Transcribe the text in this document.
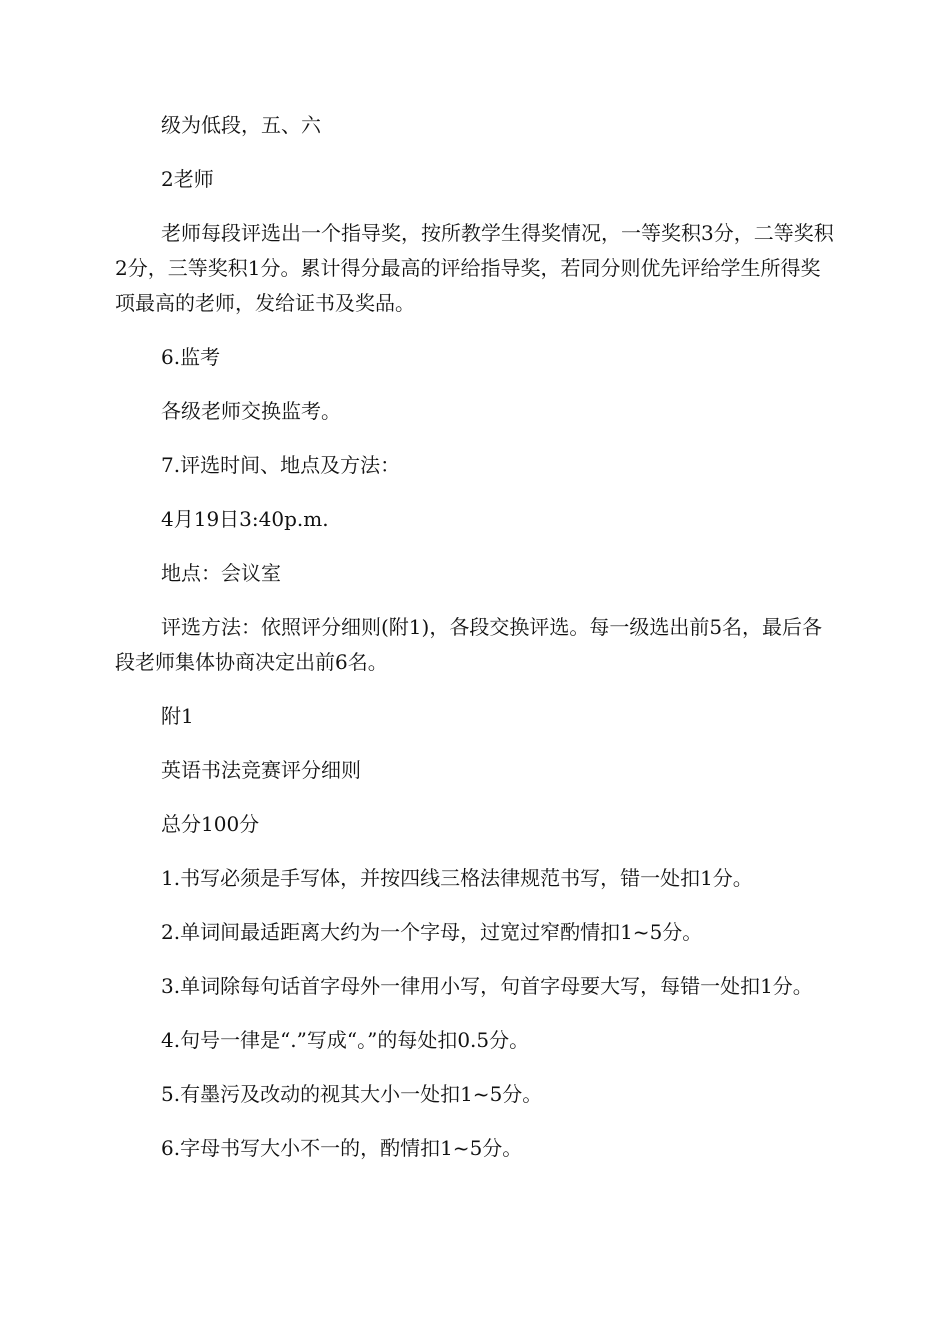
级为低段，五、六

2老师

老师每段评选出一个指导奖，按所教学生得奖情况，一等奖积3分，二等奖积2分，三等奖积1分。累计得分最高的评给指导奖，若同分则优先评给学生所得奖项最高的老师，发给证书及奖品。

6.监考

各级老师交换监考。

7.评选时间、地点及方法：

4月19日3:40p.m.

地点：会议室

评选方法：依照评分细则(附1)，各段交换评选。每一级选出前5名，最后各段老师集体协商决定出前6名。

附1

英语书法竞赛评分细则

总分100分

1.书写必须是手写体，并按四线三格法律规范书写，错一处扣1分。

2.单词间最适距离大约为一个字母，过宽过窄酌情扣1~5分。

3.单词除每句话首字母外一律用小写，句首字母要大写，每错一处扣1分。

4.句号一律是“.”写成“。”的每处扣0.5分。

5.有墨污及改动的视其大小一处扣1~5分。

6.字母书写大小不一的，酌情扣1~5分。
